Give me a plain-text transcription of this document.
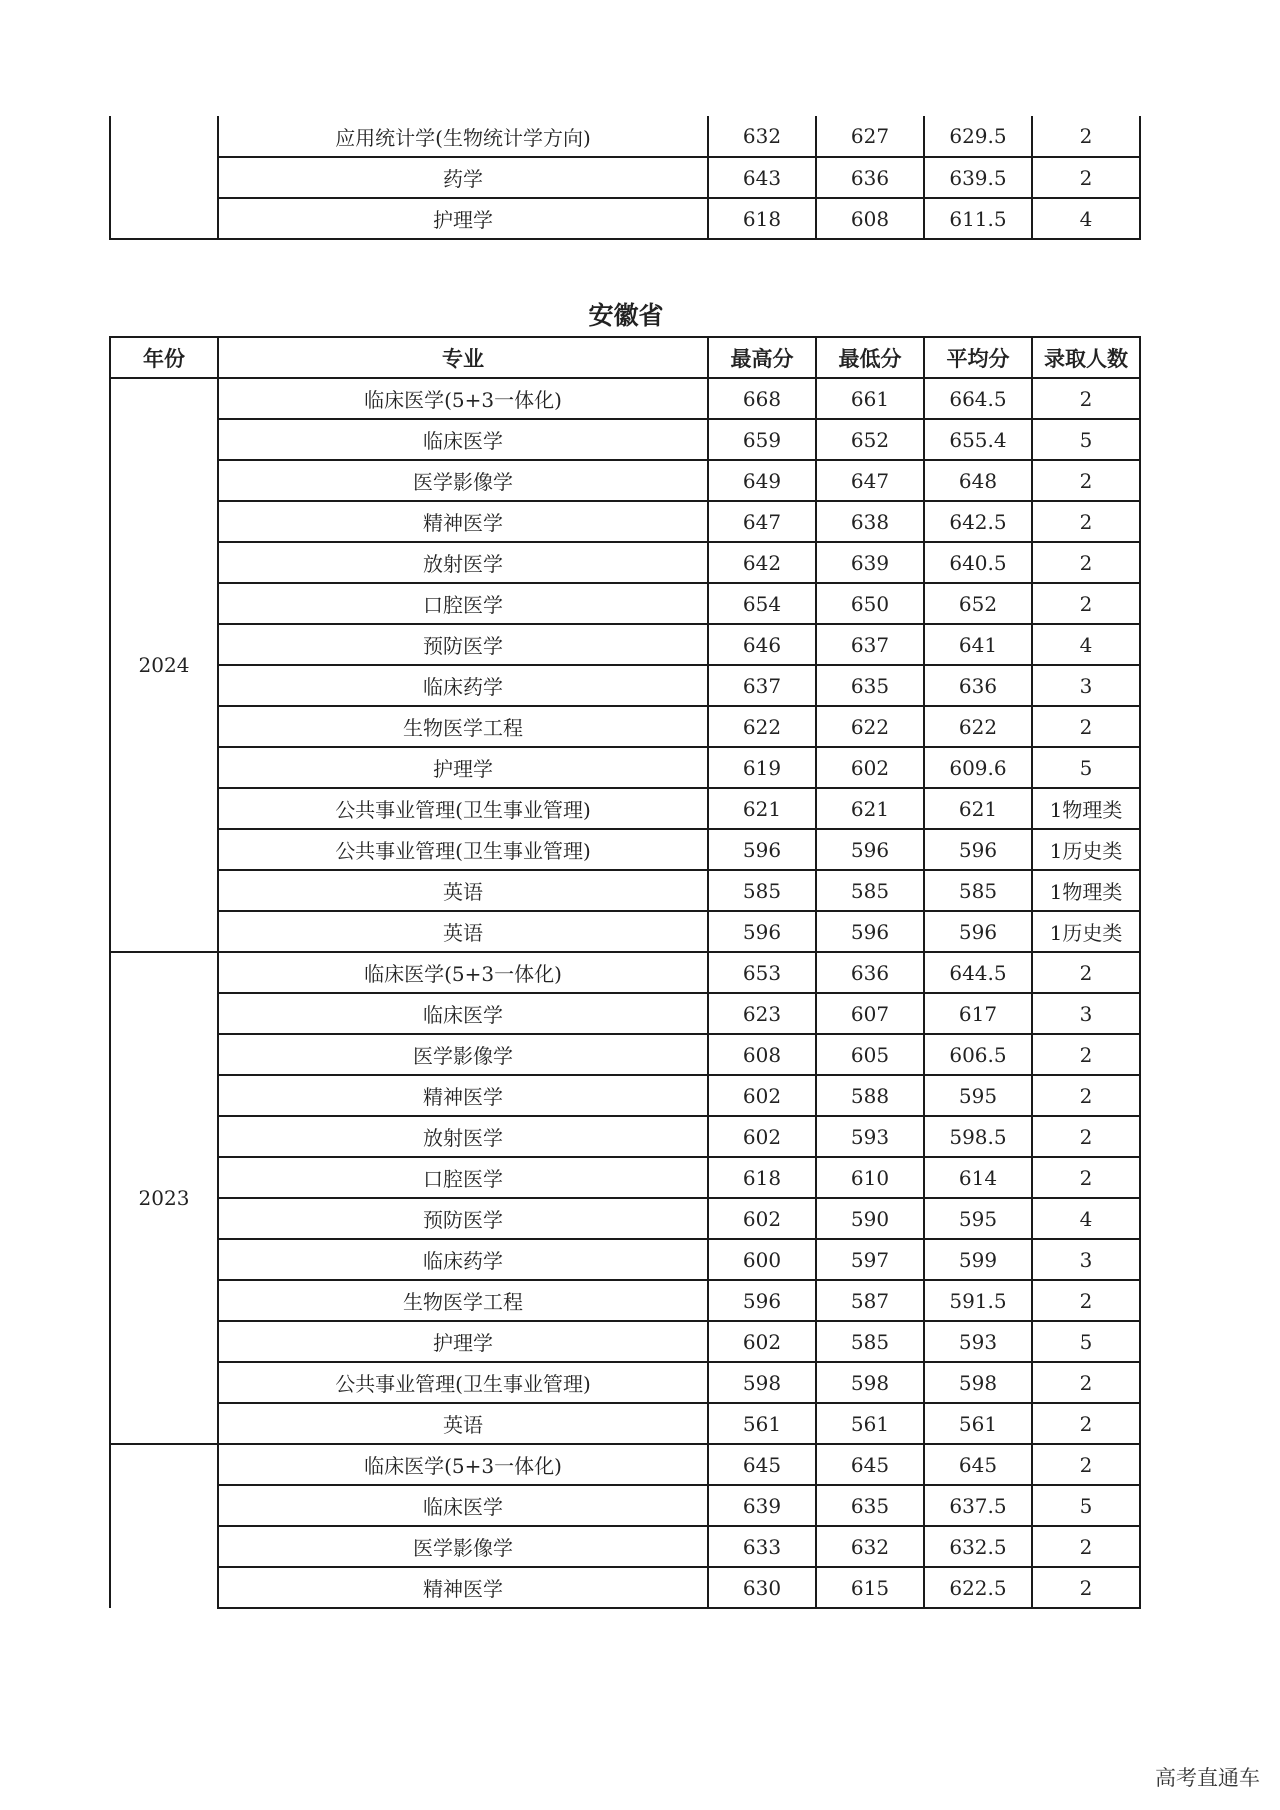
	应用统计学(生物统计学方向)	632	627	629.5	2
	药学	643	636	639.5	2
	护理学	618	608	611.5	4
安徽省
年份	专业	最高分	最低分	平均分	录取人数
2024	临床医学(5+3一体化)	668	661	664.5	2
	临床医学	659	652	655.4	5
	医学影像学	649	647	648	2
	精神医学	647	638	642.5	2
	放射医学	642	639	640.5	2
	口腔医学	654	650	652	2
	预防医学	646	637	641	4
	临床药学	637	635	636	3
	生物医学工程	622	622	622	2
	护理学	619	602	609.6	5
	公共事业管理(卫生事业管理)	621	621	621	1物理类
	公共事业管理(卫生事业管理)	596	596	596	1历史类
	英语	585	585	585	1物理类
	英语	596	596	596	1历史类
2023	临床医学(5+3一体化)	653	636	644.5	2
	临床医学	623	607	617	3
	医学影像学	608	605	606.5	2
	精神医学	602	588	595	2
	放射医学	602	593	598.5	2
	口腔医学	618	610	614	2
	预防医学	602	590	595	4
	临床药学	600	597	599	3
	生物医学工程	596	587	591.5	2
	护理学	602	585	593	5
	公共事业管理(卫生事业管理)	598	598	598	2
	英语	561	561	561	2
	临床医学(5+3一体化)	645	645	645	2
	临床医学	639	635	637.5	5
	医学影像学	633	632	632.5	2
	精神医学	630	615	622.5	2
高考直通车
